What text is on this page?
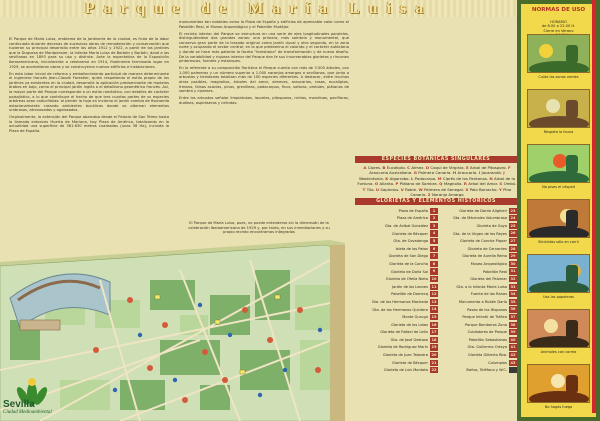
Parque de María Luisa

El Parque de María Luisa, emblema de la Jardinería de la ciudad, es fruto de la labor continuada durante decenas de sucesivas obras de remodelación y conservación que tuvieron su principal desarrollo entre los años 1912 y 1922, a partir de los jardines que la Duquesa de Montpensier, la Infanta María Luisa de Borbón y Borbón, donó a los sevillanos en 1893 para su uso y disfrute. Ante la expectativa de la Exposición Iberoamericana, inicialmente a celebrarse en 1914, finalmente terminada lugar en 1929, se acometieron obras y se construyeron nuevos edificios e instalaciones.

En esta labor inicial de reforma y embellecimiento participó de manera determinante el ingeniero francés Jean-Claude Forestier, quien respetando el estilo propio de los jardines ya existentes en la ciudad, desarrolló la aplicación predominante de modelos árabes en bajo, como el principal jardín inglés o el detallismo geométrico francés. Así, la mayor parte del Parque corresponde a un estilo romántico, con detalles de carácter paisajístico, a lo que contribuye el hecho de que tres cuartas partes de su especies arbóreas sean caducifolias: al perder la hoja en invierno el jardín cambia de fisonomía estacionalmente creando ambientes bucólicos donde se alternan elementos umbrosos, atronosados y agolosados.

Originalmente, la extensión del Parque abarcaba desde el Palacio de San Telmo hasta la llamada entonces Huerta de Mariana, hoy Plaza de América, totalizando en la actualidad una superficie de 381.630 metros cuadrados (unas 38 Ha), incluida la Plaza de España.

El Parque de María Luisa, pues, no puede entenderse sin la dimensión de la celebración Iberoamericana de 1929 y, por tanto, en sus inmediaciones y su propio recinto encontramos integrados

monumentos tan notables como la Plaza de España y edificios de apreciable valor como el Pabellón Real, el Museo Arqueológico y el Pabellón Mudéjar.

El recinto interior del Parque se estructura en una serie de ejes longitudinales paralelos, distinguiéndose dos grandes zonas: una primera, más sombría y monumental, que conserva gran parte de la trazado original como jardín ducal y otra segunda, en la zona norte y ocupando el sector central, en la que predomina el colorido y el carácter autóctono y donde se hace más patente la faceta "forestiana" de transformación y de nuevo diseño. De la variabilidad y riqueza interior del Parque dan fe sus innumerables glorietas y rincones pintorescos, fuentes y estanques.

En lo referente a su composición florística el Parque cuenta con más de 3.500 árboles, con 1.000 palmeras y un número superior a 1.000 naranjos amargos o sevillanos, que junto a arbustos y herbáceas totalizan más de 100 especies diferentes. A destacar, entre muchas otras posibles, magnolios, árboles del amor, almeces, araucarias, rosas, eucaliptos, fresnos, falsos acacias, pinos, grevilleas, podocarpus, ficus, soforas, ombúes, plátanos de sombra y cipreses.

Entre los arbustos señalar limpiatubos, laureles, pitosporos, mirtos, mandinas, pacifloras, dudleas, aspidiseras y celindas.

Sevilla
Ciudad Medioambiental
ESPECIES BOTÁNICAS SINGULARES
A Cipres. B Eucalipto. C Almez. D Coquí de Virginia. E Arbol de Pitosporo. F Araucaria Australiana. G Palmera Canaria. H Araucaria. I Jacarandá. J Washintonia. K Algarrobo. L Podocarpo. M Ciprés de los Pantanos. N Arbol de la Fortuna. O Ailanto. P Plátano de Sombra. Q Magnolio. R Arbol del Amor. S Ombú. T Tilo. U Sapindus. V Roble. W Palmera de Senegal. X Palo Borracho. Y Pino Canario. Z Naranjo Amargo
GLORIETAS Y ELEMENTOS HISTÓRICOS
Plaza de España	1	Glorieta de Dante Alighieri 23
Plaza de América	2	Gta. de Mármoles Volumbroso 24
Gta. de Aníbal González	3	Glorieta de Goya 25
Glorieta de Bécquer	4	Gta. de la Virgen de los Reyes 26
Gta. de Covadonga	5	Glorieta de Concha Piquer 27
Isleta de los Patos	6	Glorieta de Cervantes 28
Glorieta de San Diego	7	Glorieta de Aurelia Reina 29
Glorieta de la Concha	8	Museo Arqueológico 30
Glorieta de Doña Sol	9	Pabellón Real 31
Glorieta de Ofelia Nieto 10	Glorieta del Palomar 32
Jardín de los Leones 11	Gta. a la Infanta María Luisa 33
Pabellón de Domecq 12	Fuente de los Ranas 34
Gta. de los Hermanos Machado 13	Monumento a Rubén Darío 35
Gta. de los Hermanos Quintero 14	Paseo de los Hispanos 36
Monte Gurugú 15	Parque Infantil de Tráfico 37
Glorieta de los Lotos 16	Parque Bomberos Zona 38
Glorieta de Rafael de León 17	Cuidadores de Parque 39
Gta. de José Gestoso 18	Pabellón Sebastianos 40
Glorieta de Rodríguez Marín 19	Gta. Guillermo Orteya 41
Glorieta de Juan Talavera 20	Glorieta Gilberto Rbo. 42
Glorieta de Bécquer 21	Columpios 43
Glorieta de Luis Montoto 22	Baños, Teléfono y W.C.
NORMAS DE USO
HORARIO
de 8.00 a 22.00 H.
Cierre en Verano

Cuida las zonas verdes
Respeta la fauna
No pises el césped
Bicicletas sólo en carril
Usa las papeleras
Animales con correa
No hagas fuego
